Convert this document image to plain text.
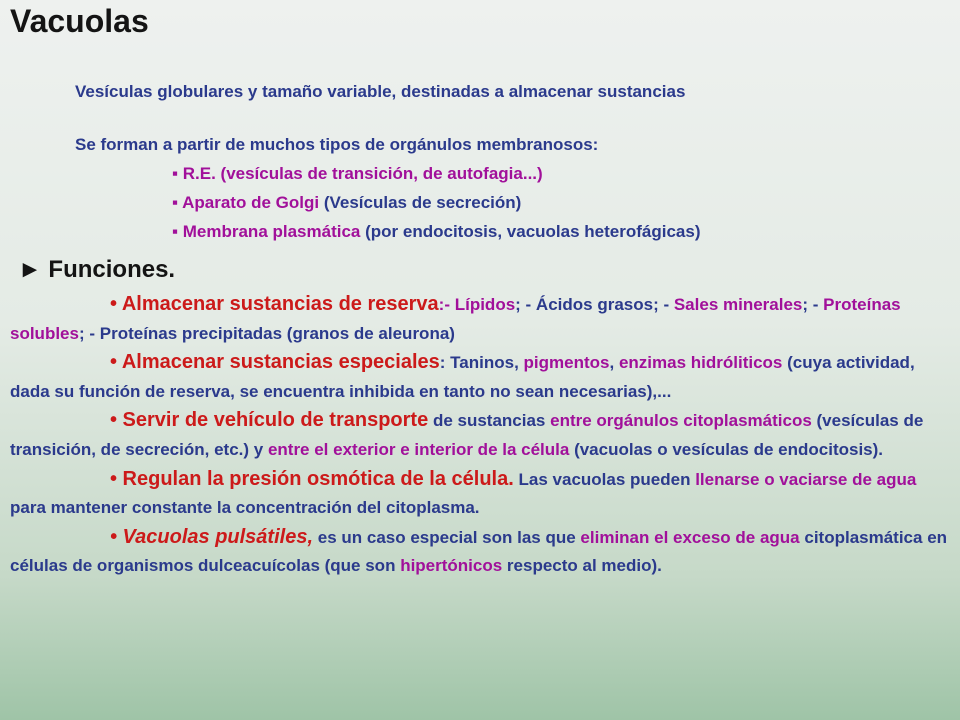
Vacuolas
Vesículas globulares y tamaño variable, destinadas a almacenar sustancias
Se forman a partir de muchos tipos de orgánulos membranosos:
▪ R.E. (vesículas de transición, de autofagia...)
▪ Aparato de Golgi (Vesículas de secreción)
▪ Membrana plasmática (por endocitosis, vacuolas heterofágicas)
► Funciones.

• Almacenar sustancias de reserva:- Lípidos; - Ácidos grasos; - Sales minerales; - Proteínas solubles; - Proteínas precipitadas (granos de aleurona)

• Almacenar sustancias especiales: Taninos, pigmentos, enzimas hidróliticos (cuya actividad, dada su función de reserva, se encuentra inhibida en tanto no sean necesarias),...

• Servir de vehículo de transporte de sustancias entre orgánulos citoplasmáticos (vesículas de transición, de secreción, etc.) y entre el exterior e interior de la célula (vacuolas o vesículas de endocitosis).

• Regulan la presión osmótica de la célula. Las vacuolas pueden llenarse o vaciarse de agua para mantener constante la concentración del citoplasma.

• Vacuolas pulsátiles, es un caso especial son las que eliminan el exceso de agua citoplasmática en células de organismos dulceacuícolas (que son hipertónicos respecto al medio).
